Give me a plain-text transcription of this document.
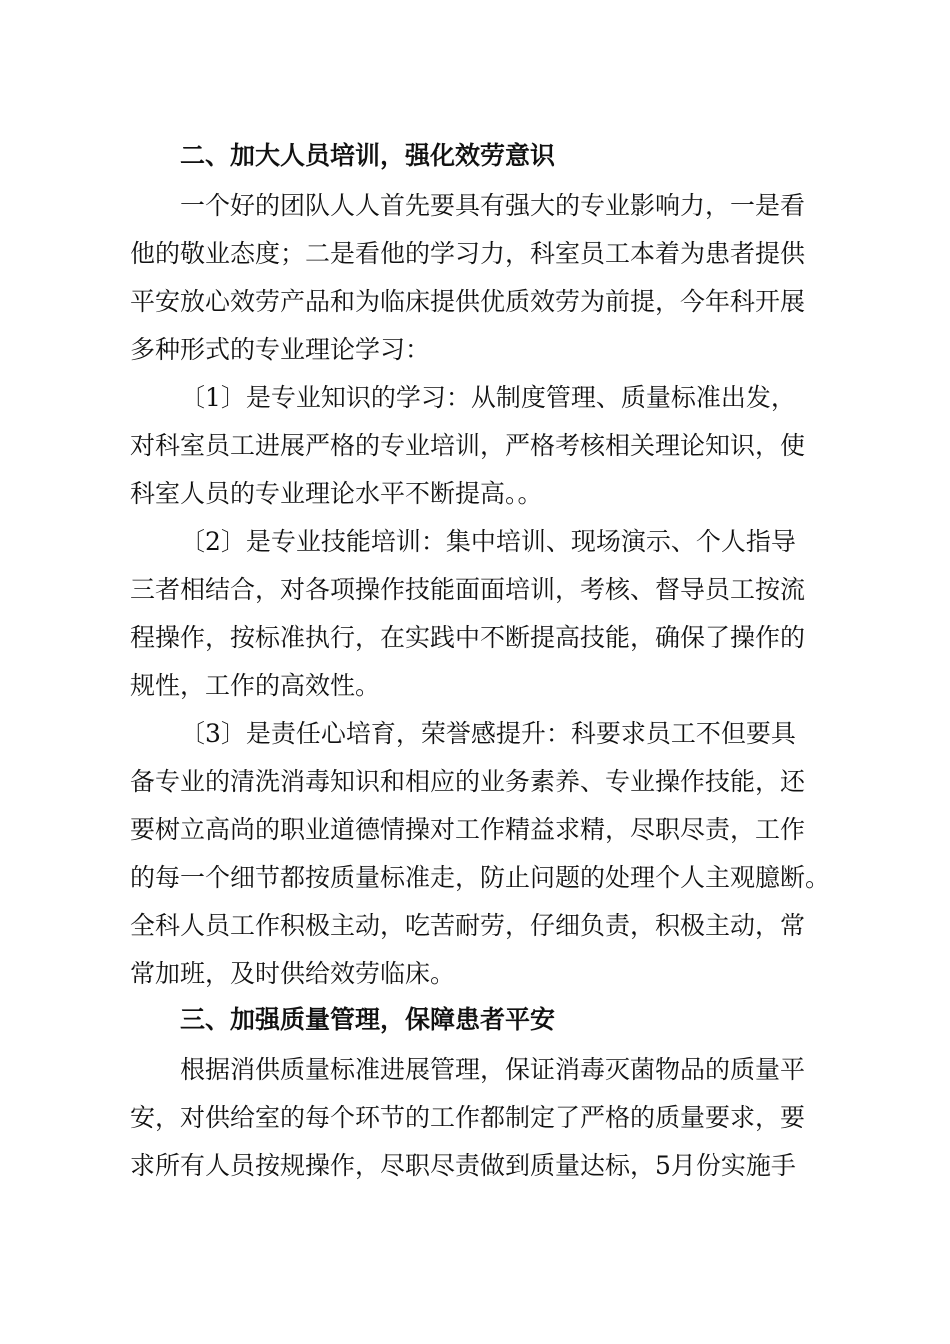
二、加大人员培训，强化效劳意识
一个好的团队人人首先要具有强大的专业影响力，一是看
他的敬业态度；二是看他的学习力，科室员工本着为患者提供
平安放心效劳产品和为临床提供优质效劳为前提，今年科开展
多种形式的专业理论学习：
〔1〕是专业知识的学习：从制度管理、质量标准出发，
对科室员工进展严格的专业培训，严格考核相关理论知识，使
科室人员的专业理论水平不断提高。。
〔2〕是专业技能培训：集中培训、现场演示、个人指导
三者相结合，对各项操作技能面面培训，考核、督导员工按流
程操作，按标准执行，在实践中不断提高技能，确保了操作的
规性，工作的高效性。
〔3〕是责任心培育，荣誉感提升：科要求员工不但要具
备专业的清洗消毒知识和相应的业务素养、专业操作技能，还
要树立高尚的职业道德情操对工作精益求精，尽职尽责，工作
的每一个细节都按质量标准走，防止问题的处理个人主观臆断。
全科人员工作积极主动，吃苦耐劳，仔细负责，积极主动，常
常加班，及时供给效劳临床。
三、加强质量管理，保障患者平安
根据消供质量标准进展管理，保证消毒灭菌物品的质量平
安，对供给室的每个环节的工作都制定了严格的质量要求，要
求所有人员按规操作，尽职尽责做到质量达标，5月份实施手
